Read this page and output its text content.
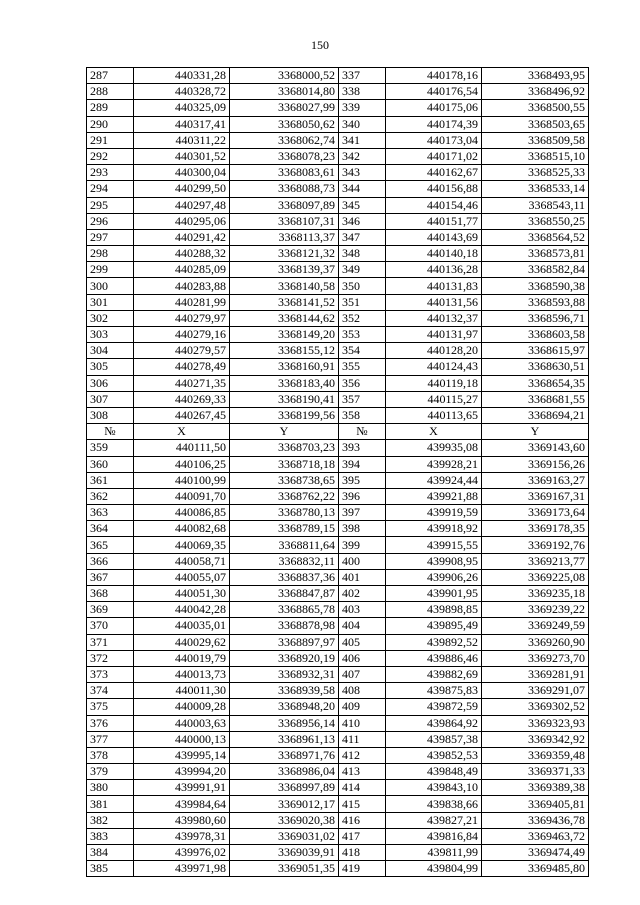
150
287	440331,28	3368000,52	337	440178,16	3368493,95
288	440328,72	3368014,80	338	440176,54	3368496,92
289	440325,09	3368027,99	339	440175,06	3368500,55
290	440317,41	3368050,62	340	440174,39	3368503,65
291	440311,22	3368062,74	341	440173,04	3368509,58
292	440301,52	3368078,23	342	440171,02	3368515,10
293	440300,04	3368083,61	343	440162,67	3368525,33
294	440299,50	3368088,73	344	440156,88	3368533,14
295	440297,48	3368097,89	345	440154,46	3368543,11
296	440295,06	3368107,31	346	440151,77	3368550,25
297	440291,42	3368113,37	347	440143,69	3368564,52
298	440288,32	3368121,32	348	440140,18	3368573,81
299	440285,09	3368139,37	349	440136,28	3368582,84
300	440283,88	3368140,58	350	440131,83	3368590,38
301	440281,99	3368141,52	351	440131,56	3368593,88
302	440279,97	3368144,62	352	440132,37	3368596,71
303	440279,16	3368149,20	353	440131,97	3368603,58
304	440279,57	3368155,12	354	440128,20	3368615,97
305	440278,49	3368160,91	355	440124,43	3368630,51
306	440271,35	3368183,40	356	440119,18	3368654,35
307	440269,33	3368190,41	357	440115,27	3368681,55
308	440267,45	3368199,56	358	440113,65	3368694,21
№	X	Y	№	X	Y
359	440111,50	3368703,23	393	439935,08	3369143,60
360	440106,25	3368718,18	394	439928,21	3369156,26
361	440100,99	3368738,65	395	439924,44	3369163,27
362	440091,70	3368762,22	396	439921,88	3369167,31
363	440086,85	3368780,13	397	439919,59	3369173,64
364	440082,68	3368789,15	398	439918,92	3369178,35
365	440069,35	3368811,64	399	439915,55	3369192,76
366	440058,71	3368832,11	400	439908,95	3369213,77
367	440055,07	3368837,36	401	439906,26	3369225,08
368	440051,30	3368847,87	402	439901,95	3369235,18
369	440042,28	3368865,78	403	439898,85	3369239,22
370	440035,01	3368878,98	404	439895,49	3369249,59
371	440029,62	3368897,97	405	439892,52	3369260,90
372	440019,79	3368920,19	406	439886,46	3369273,70
373	440013,73	3368932,31	407	439882,69	3369281,91
374	440011,30	3368939,58	408	439875,83	3369291,07
375	440009,28	3368948,20	409	439872,59	3369302,52
376	440003,63	3368956,14	410	439864,92	3369323,93
377	440000,13	3368961,13	411	439857,38	3369342,92
378	439995,14	3368971,76	412	439852,53	3369359,48
379	439994,20	3368986,04	413	439848,49	3369371,33
380	439991,91	3368997,89	414	439843,10	3369389,38
381	439984,64	3369012,17	415	439838,66	3369405,81
382	439980,60	3369020,38	416	439827,21	3369436,78
383	439978,31	3369031,02	417	439816,84	3369463,72
384	439976,02	3369039,91	418	439811,99	3369474,49
385	439971,98	3369051,35	419	439804,99	3369485,80
